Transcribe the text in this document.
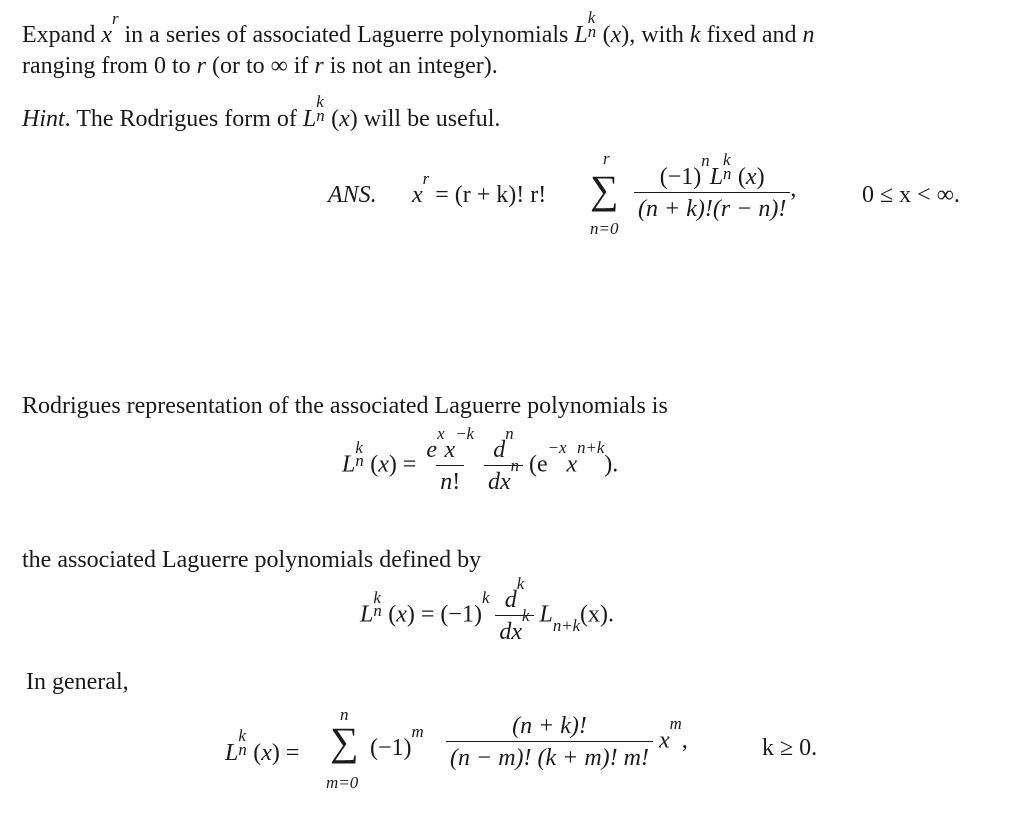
Expand $x^r$ in a series of associated Laguerre polynomials L
k
n (x), with k fixed and n
ranging from 0 to r (or to ∞ if r is not an integer).
Hint. The Rodrigues form of L
k
n (x) will be useful.
ANS. $x^r = (r + k)$! r!
r
∑
n=0
$(-1)^nL$
k
n (x)
(n + k)!(r − n)! ,	0 ≤ x < ∞.
Rodrigues representation of the associated Laguerre polynomials is
L
k
n $(x) = \frac{e^xx^{-k}}{n!}$
$\frac{d^n}{dx^n} (e^{-x}x^{n+k})$.
the associated Laguerre polynomials defined by
L
k
n $(x) = (-1)^k \frac{d^k}{dx^k} L_{n+k}(x)$.
In general,
L
k
n (x) =
n
∑
m=0
$(-1)^m \frac{(n + k)!}{(n - m)! (k + m)! m!} x^m$,	k ≥ 0.
